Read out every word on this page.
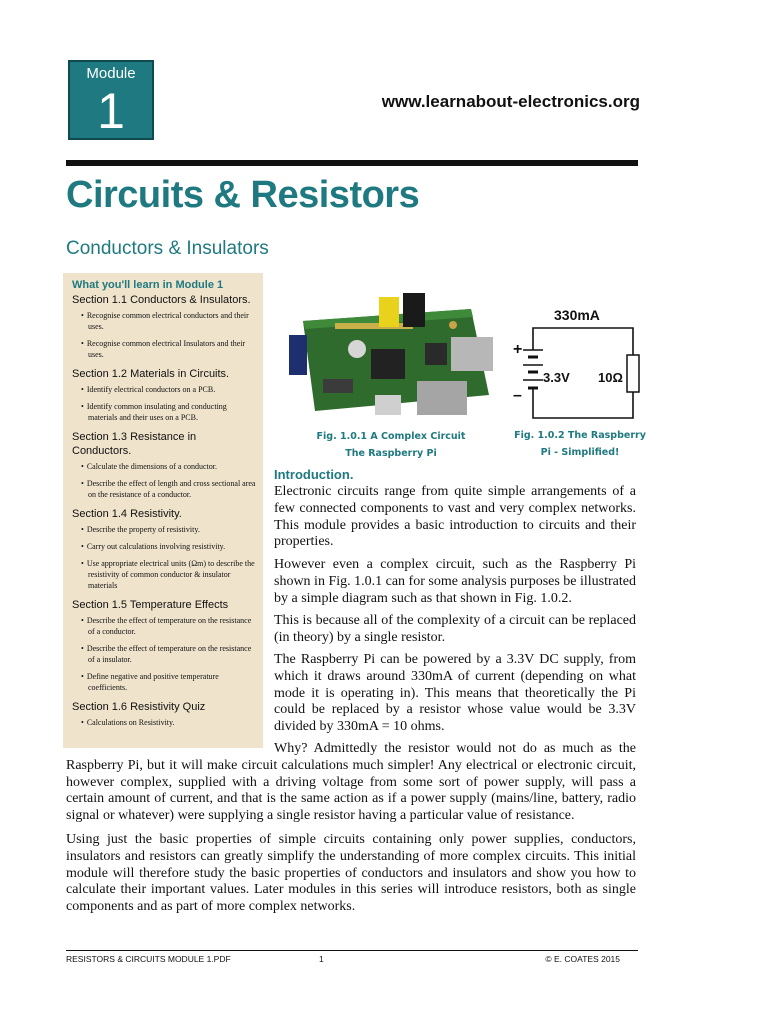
Module
1	www.learnabout-electronics.org
Circuits & Resistors
Conductors & Insulators
What you'll learn in Module 1
Section 1.1 Conductors & Insulators.
• Recognise common electrical conductors and their uses.
• Recognise common electrical Insulators and their uses.
Section 1.2 Materials in Circuits.
• Identify electrical conductors on a PCB.
• Identify common insulating and conducting materials and their uses on a PCB.
Section 1.3 Resistance in Conductors.
• Calculate the dimensions of a conductor.
• Describe the effect of length and cross sectional area on the resistance of a conductor.
Section 1.4 Resistivity.
• Describe the property of resistivity.
• Carry out calculations involving resistivity.
• Use appropriate electrical units (Ωm) to describe the resistivity of common conductor & insulator materials
Section 1.5 Temperature Effects
• Describe the effect of temperature on the resistance of a conductor.
• Describe the effect of temperature on the resistance of a insulator.
• Define negative and positive temperature coefficients.
Section 1.6 Resistivity Quiz
• Calculations on Resistivity.
Fig. 1.0.1 A Complex Circuit
The Raspberry Pi
330mA
3.3V 10Ω
+
–
Fig. 1.0.2 The Raspberry
Pi - Simplified!
Introduction.

Electronic circuits range from quite simple arrangements of a few connected components to vast and very complex networks. This module provides a basic introduction to circuits and their properties.

However even a complex circuit, such as the Raspberry Pi shown in Fig. 1.0.1 can for some analysis purposes be illustrated by a simple diagram such as that shown in Fig. 1.0.2.

This is because all of the complexity of a circuit can be replaced (in theory) by a single resistor.

The Raspberry Pi can be powered by a 3.3V DC supply, from which it draws around 330mA of current (depending on what mode it is operating in). This means that theoretically the Pi could be replaced by a resistor whose value would be 3.3V divided by 330mA = 10 ohms.

Why? Admittedly the resistor would not do as much as the Raspberry Pi, but it will make circuit calculations much simpler! Any electrical or electronic circuit, however complex, supplied with a driving voltage from some sort of power supply, will pass a certain amount of current, and that is the same action as if a power supply (mains/line, battery, radio signal or whatever) were supplying a single resistor having a particular value of resistance.

Using just the basic properties of simple circuits containing only power supplies, conductors, insulators and resistors can greatly simplify the understanding of more complex circuits. This initial module will therefore study the basic properties of conductors and insulators and show you how to calculate their important values. Later modules in this series will introduce resistors, both as single components and as part of more complex networks.

RESISTORS & CIRCUITS MODULE 1.PDF	1	© E. COATES 2015
